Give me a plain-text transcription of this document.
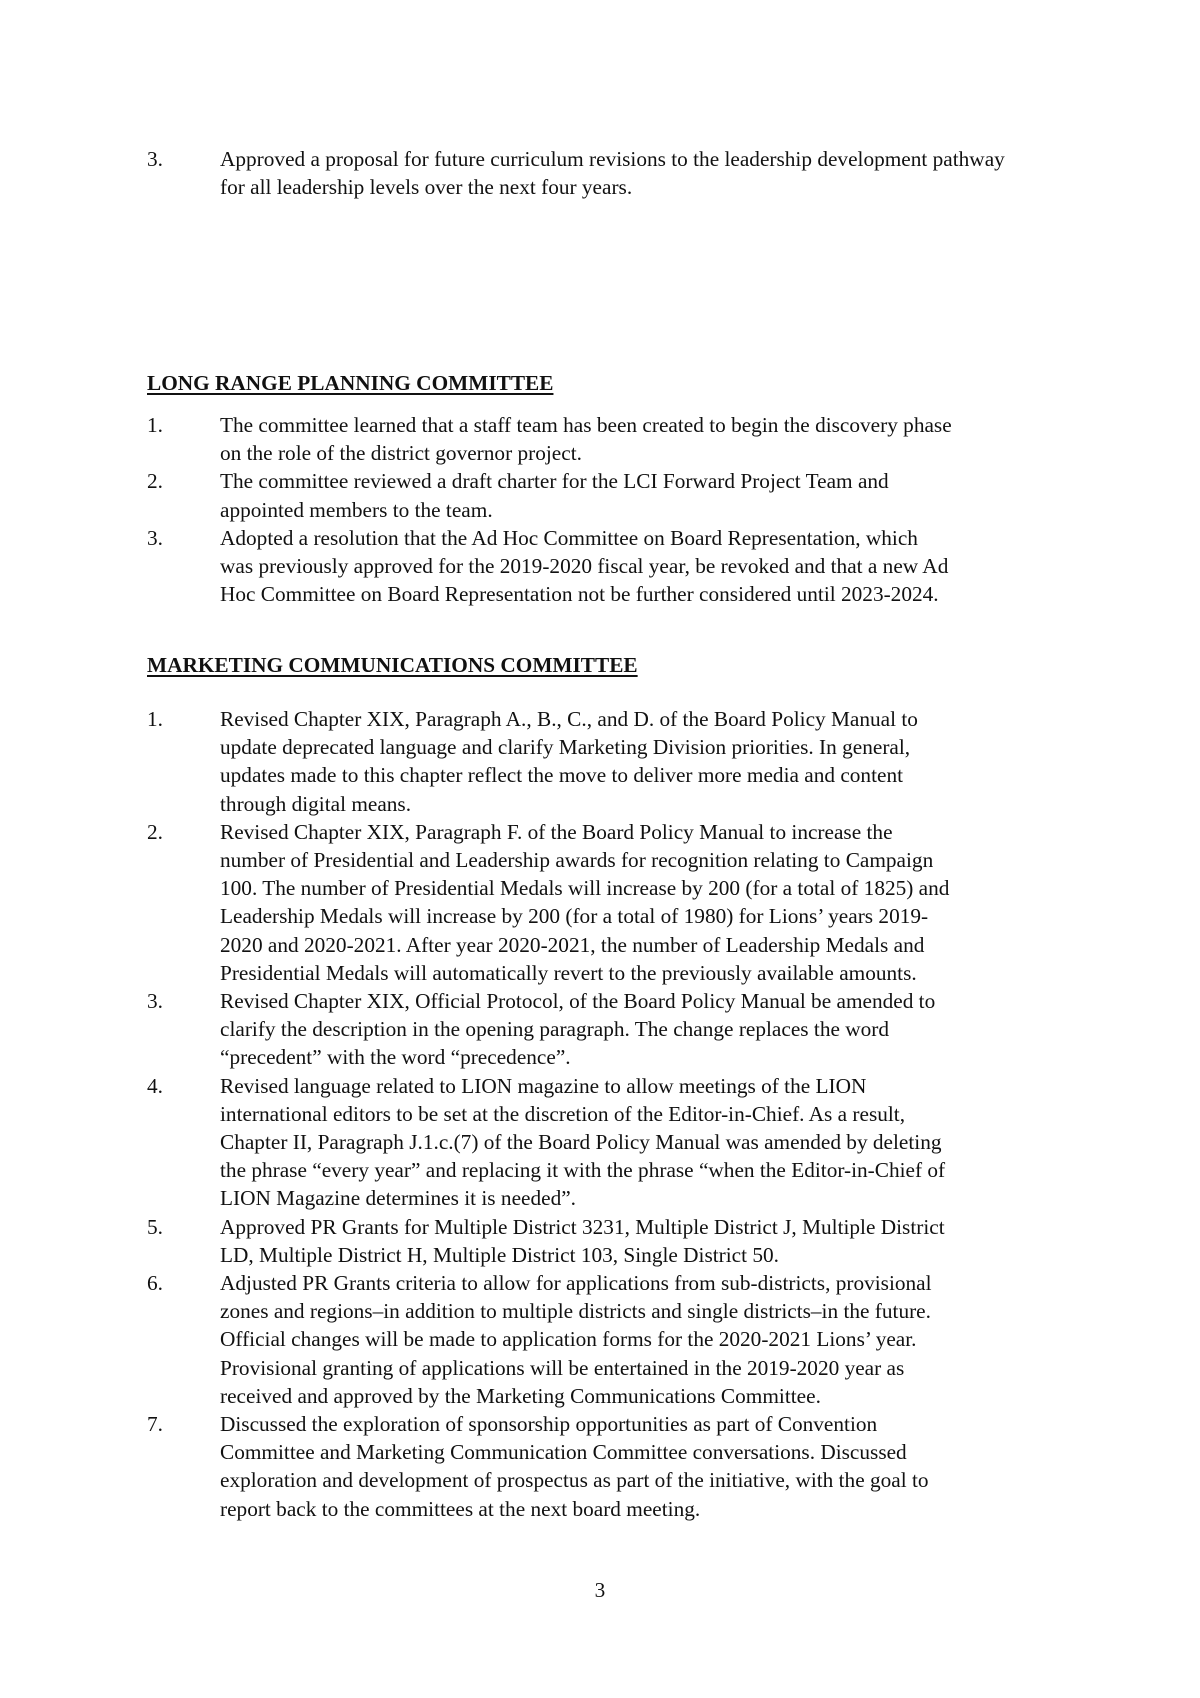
3.	Approved a proposal for future curriculum revisions to the leadership development pathway
for all leadership levels over the next four years.
LONG RANGE PLANNING COMMITTEE
1.	The committee learned that a staff team has been created to begin the discovery phase
on the role of the district governor project.
2.	The committee reviewed a draft charter for the LCI Forward Project Team and
appointed members to the team.
3.	Adopted a resolution that the Ad Hoc Committee on Board Representation, which
was previously approved for the 2019-2020 fiscal year, be revoked and that a new Ad
Hoc Committee on Board Representation not be further considered until 2023-2024.
MARKETING COMMUNICATIONS COMMITTEE
1.	Revised Chapter XIX, Paragraph A., B., C., and D. of the Board Policy Manual to
update deprecated language and clarify Marketing Division priorities. In general,
updates made to this chapter reflect the move to deliver more media and content
through digital means.
2.	Revised Chapter XIX, Paragraph F. of the Board Policy Manual to increase the
number of Presidential and Leadership awards for recognition relating to Campaign
100. The number of Presidential Medals will increase by 200 (for a total of 1825) and
Leadership Medals will increase by 200 (for a total of 1980) for Lions’ years 2019-
2020 and 2020-2021. After year 2020-2021, the number of Leadership Medals and
Presidential Medals will automatically revert to the previously available amounts.
3.	Revised Chapter XIX, Official Protocol, of the Board Policy Manual be amended to
clarify the description in the opening paragraph. The change replaces the word
“precedent” with the word “precedence”.
4.	Revised language related to LION magazine to allow meetings of the LION
international editors to be set at the discretion of the Editor-in-Chief. As a result,
Chapter II, Paragraph J.1.c.(7) of the Board Policy Manual was amended by deleting
the phrase “every year” and replacing it with the phrase “when the Editor-in-Chief of
LION Magazine determines it is needed”.
5.	Approved PR Grants for Multiple District 3231, Multiple District J, Multiple District
LD, Multiple District H, Multiple District 103, Single District 50.
6.	Adjusted PR Grants criteria to allow for applications from sub-districts, provisional
zones and regions–in addition to multiple districts and single districts–in the future.
Official changes will be made to application forms for the 2020-2021 Lions’ year.
Provisional granting of applications will be entertained in the 2019-2020 year as
received and approved by the Marketing Communications Committee.
7.	Discussed the exploration of sponsorship opportunities as part of Convention
Committee and Marketing Communication Committee conversations. Discussed
exploration and development of prospectus as part of the initiative, with the goal to
report back to the committees at the next board meeting.
3
